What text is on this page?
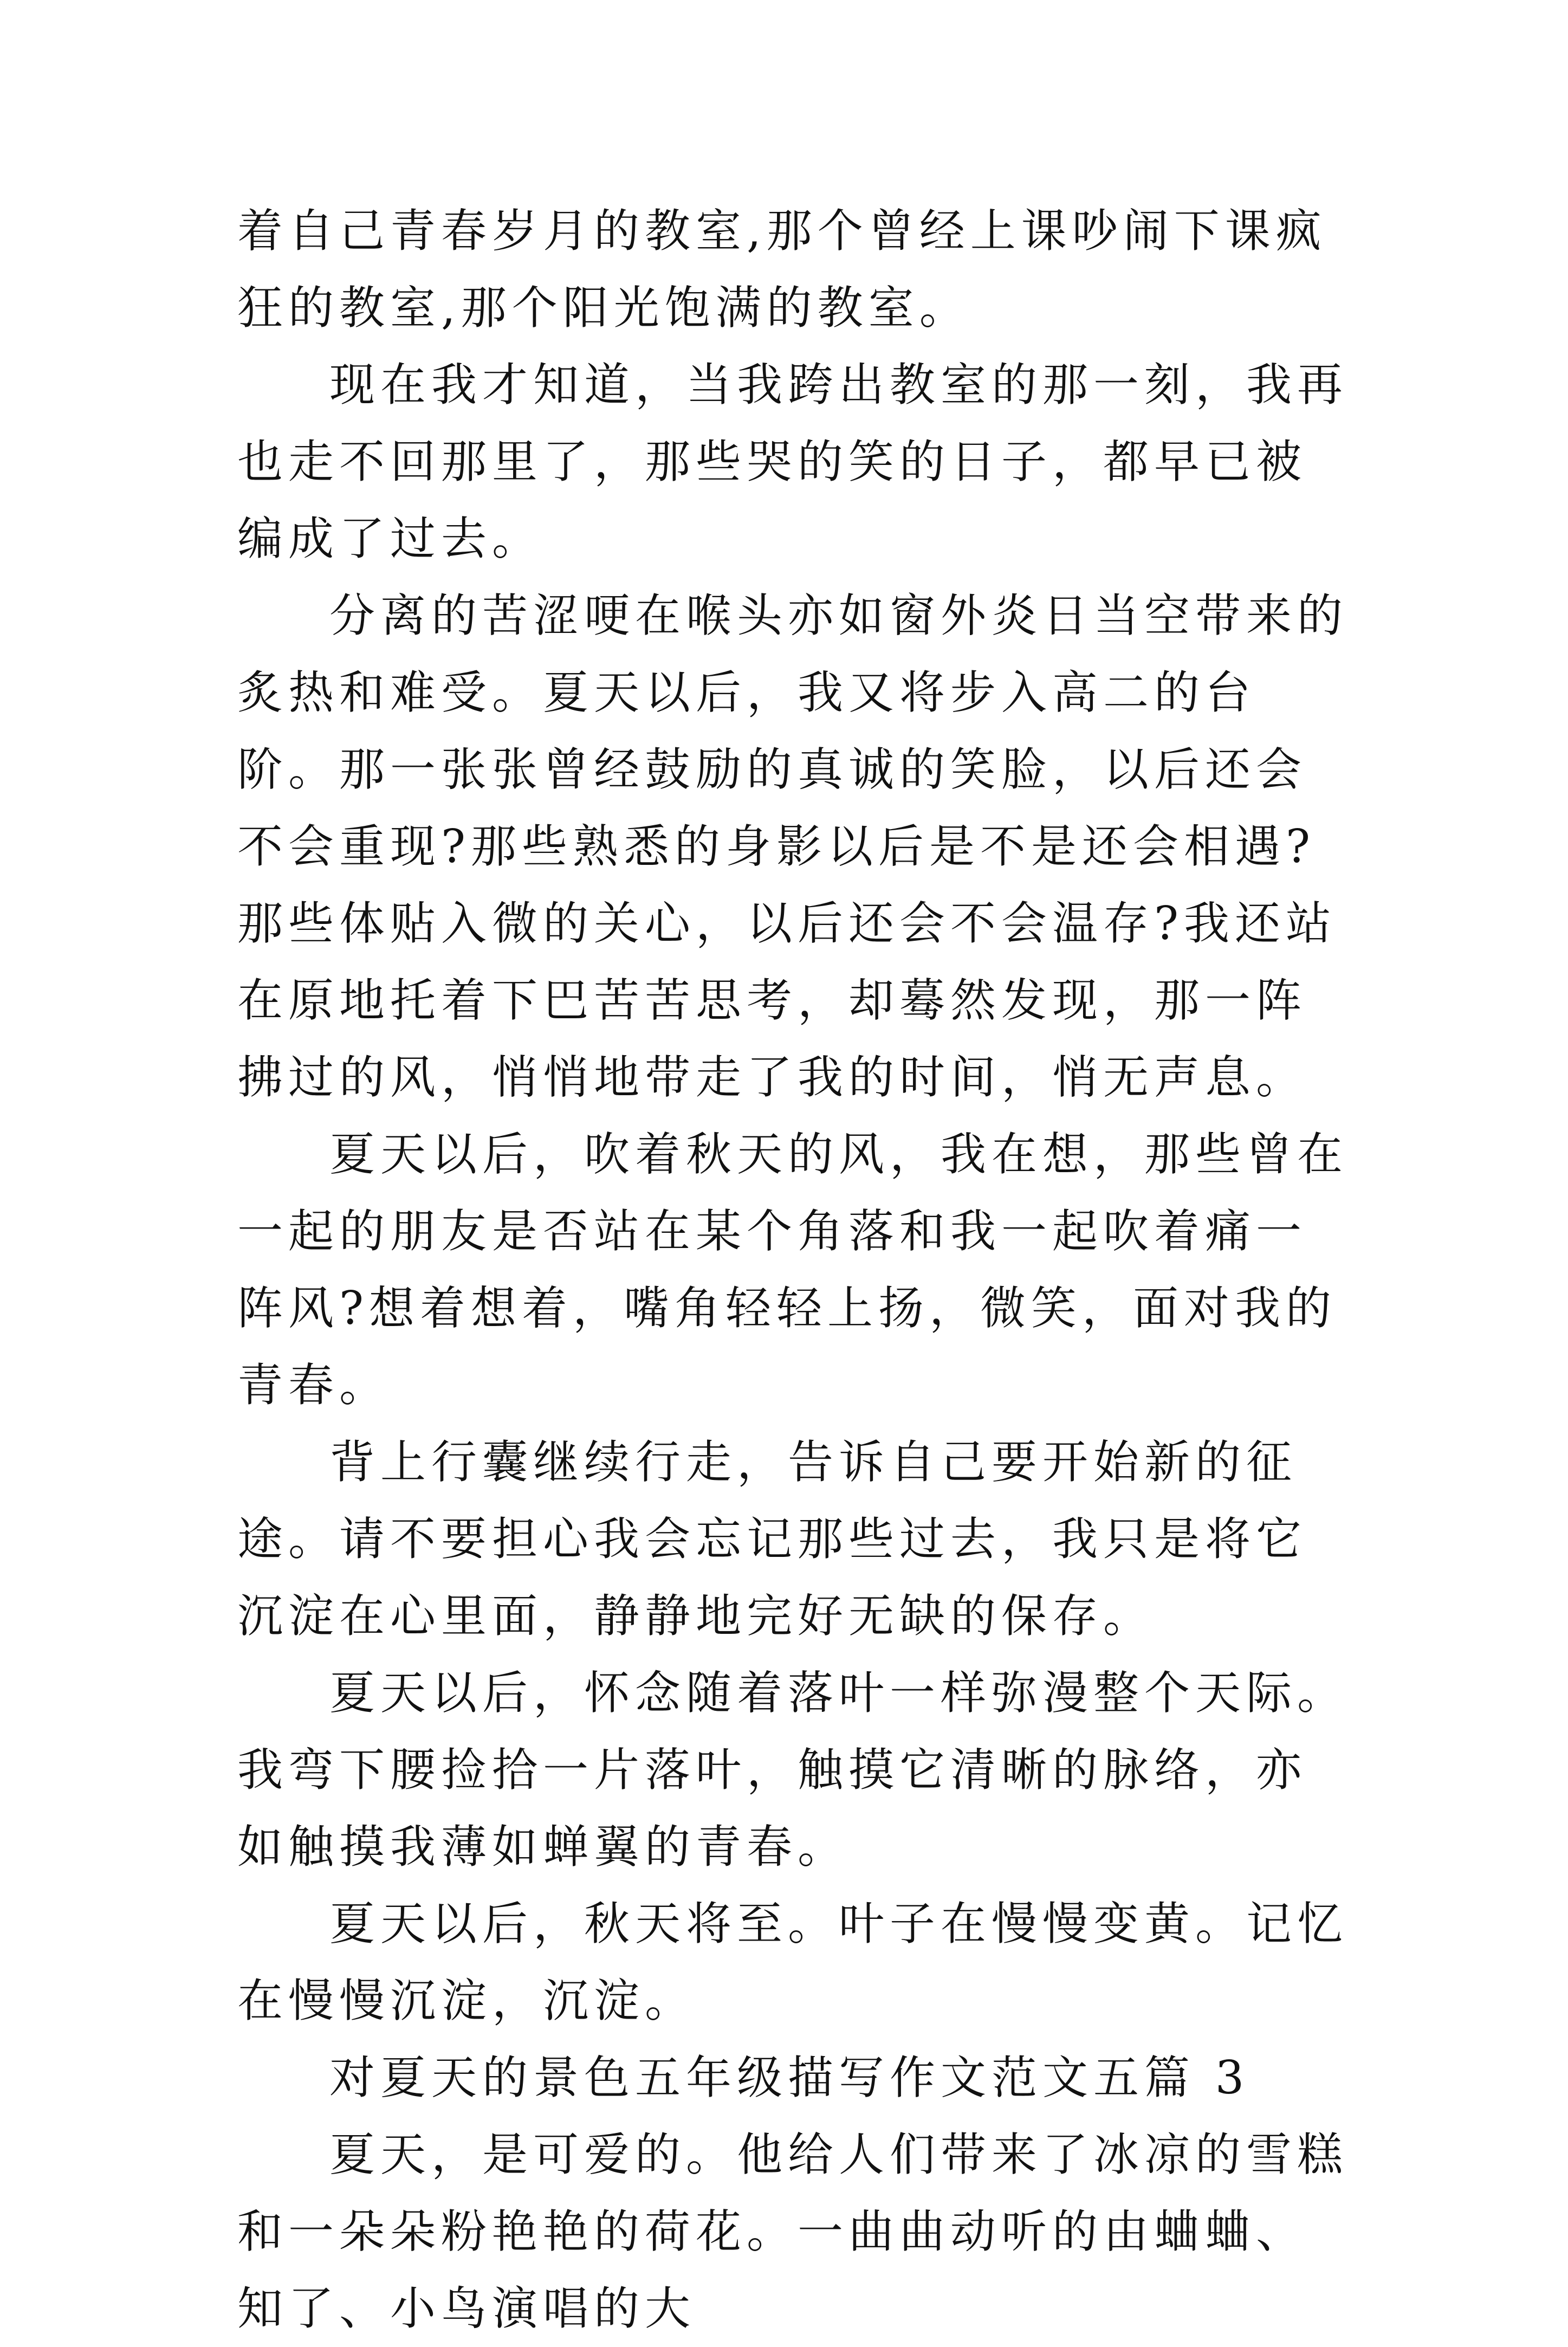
着自己青春岁月的教室,那个曾经上课吵闹下课疯狂的教室,那个阳光饱满的教室。

现在我才知道，当我跨出教室的那一刻，我再也走不回那里了，那些哭的笑的日子，都早已被编成了过去。

分离的苦涩哽在喉头亦如窗外炎日当空带来的炙热和难受。夏天以后，我又将步入高二的台阶。那一张张曾经鼓励的真诚的笑脸，以后还会不会重现?那些熟悉的身影以后是不是还会相遇?那些体贴入微的关心，以后还会不会温存?我还站在原地托着下巴苦苦思考，却蓦然发现，那一阵拂过的风，悄悄地带走了我的时间，悄无声息。

夏天以后，吹着秋天的风，我在想，那些曾在一起的朋友是否站在某个角落和我一起吹着痛一阵风?想着想着，嘴角轻轻上扬，微笑，面对我的青春。

背上行囊继续行走，告诉自己要开始新的征途。请不要担心我会忘记那些过去，我只是将它沉淀在心里面，静静地完好无缺的保存。

夏天以后，怀念随着落叶一样弥漫整个天际。我弯下腰捡拾一片落叶，触摸它清晰的脉络，亦如触摸我薄如蝉翼的青春。

夏天以后，秋天将至。叶子在慢慢变黄。记忆在慢慢沉淀，沉淀。

对夏天的景色五年级描写作文范文五篇 3

夏天，是可爱的。他给人们带来了冰凉的雪糕和一朵朵粉艳艳的荷花。一曲曲动听的由蛐蛐、知了、小鸟演唱的大
